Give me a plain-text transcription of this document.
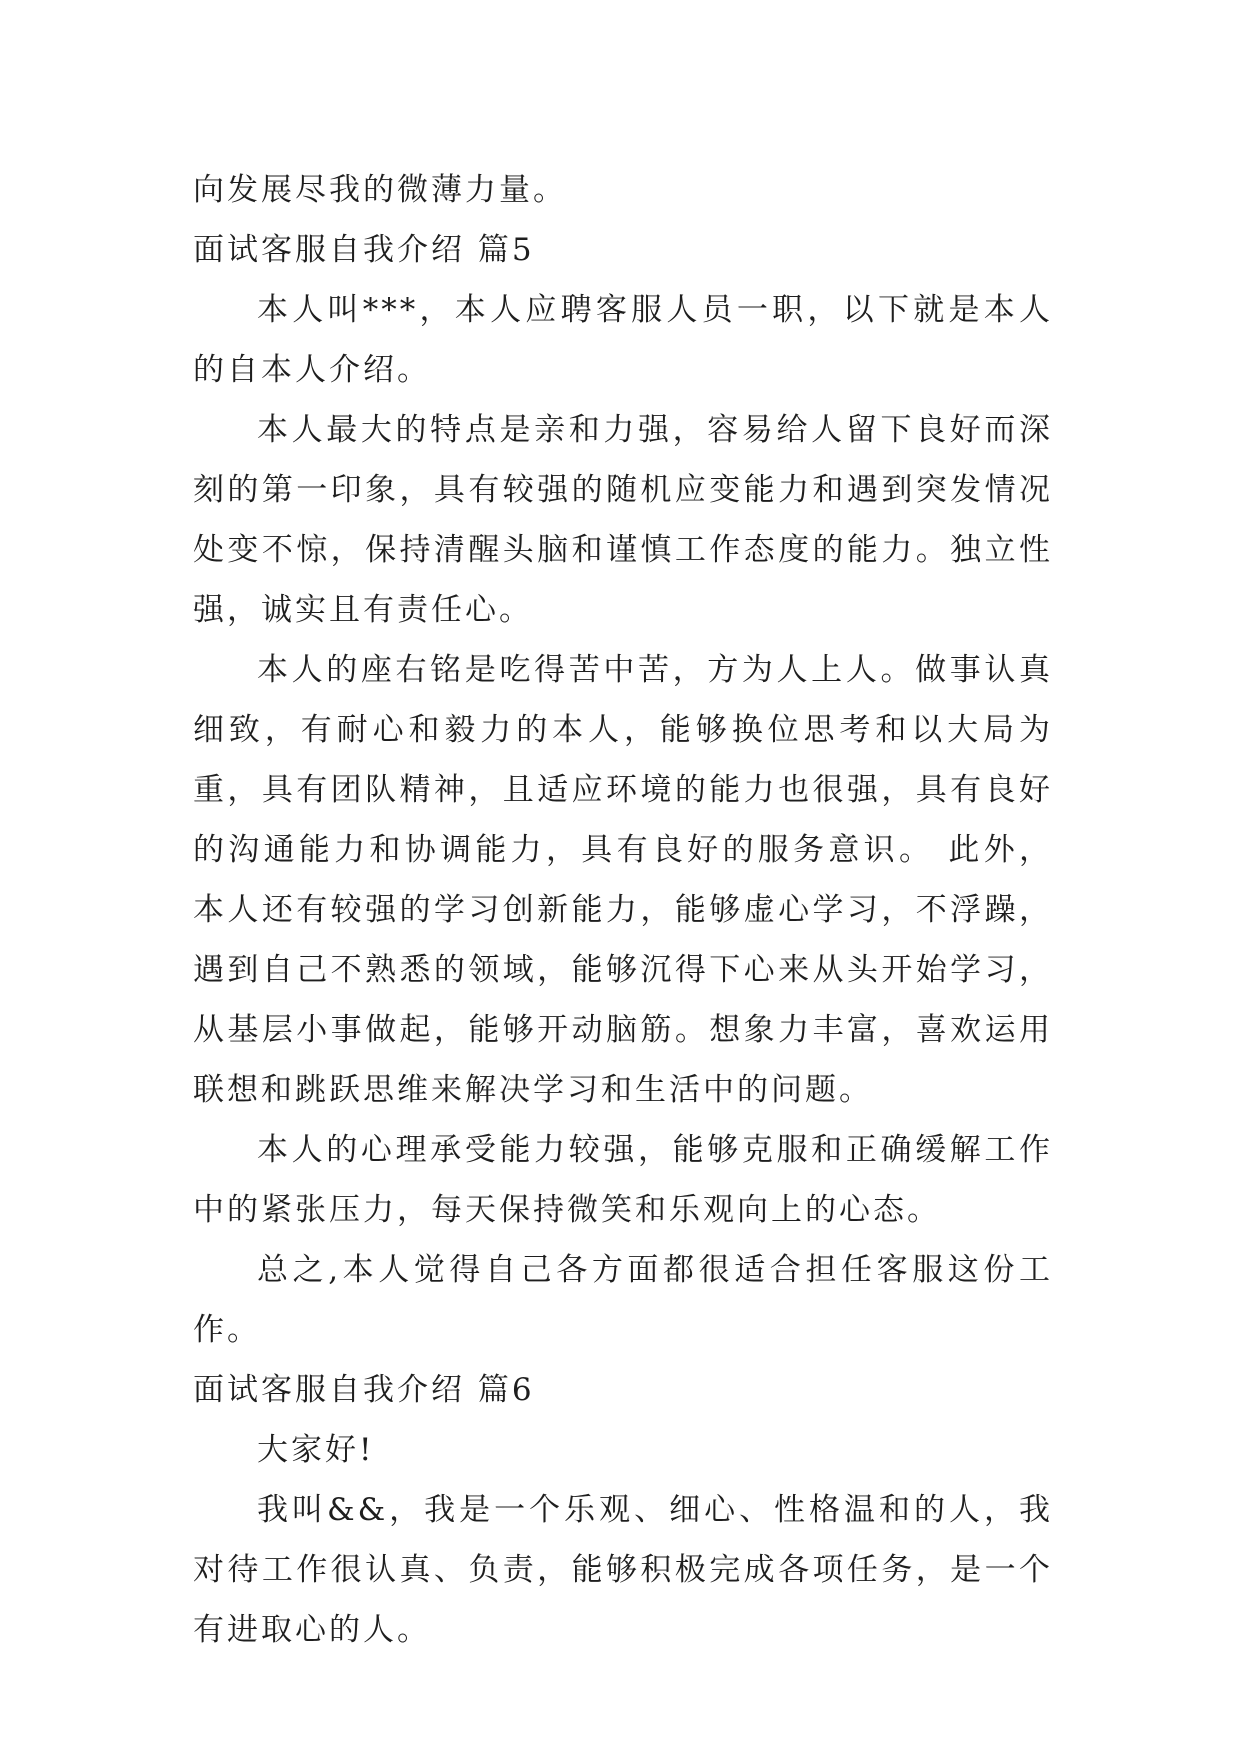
向发展尽我的微薄力量。

面试客服自我介绍 篇5

本人叫***，本人应聘客服人员一职，以下就是本人的自本人介绍。

本人最大的特点是亲和力强，容易给人留下良好而深刻的第一印象，具有较强的随机应变能力和遇到突发情况处变不惊，保持清醒头脑和谨慎工作态度的能力。独立性强，诚实且有责任心。

本人的座右铭是吃得苦中苦，方为人上人。做事认真细致，有耐心和毅力的本人，能够换位思考和以大局为重，具有团队精神，且适应环境的能力也很强，具有良好的沟通能力和协调能力，具有良好的服务意识。 此外，本人还有较强的学习创新能力，能够虚心学习，不浮躁，遇到自己不熟悉的领域，能够沉得下心来从头开始学习，从基层小事做起，能够开动脑筋。想象力丰富，喜欢运用联想和跳跃思维来解决学习和生活中的问题。

本人的心理承受能力较强，能够克服和正确缓解工作中的紧张压力，每天保持微笑和乐观向上的心态。

总之,本人觉得自己各方面都很适合担任客服这份工作。

面试客服自我介绍 篇6

大家好!

我叫&&，我是一个乐观、细心、性格温和的人，我对待工作很认真、负责，能够积极完成各项任务，是一个有进取心的人。
